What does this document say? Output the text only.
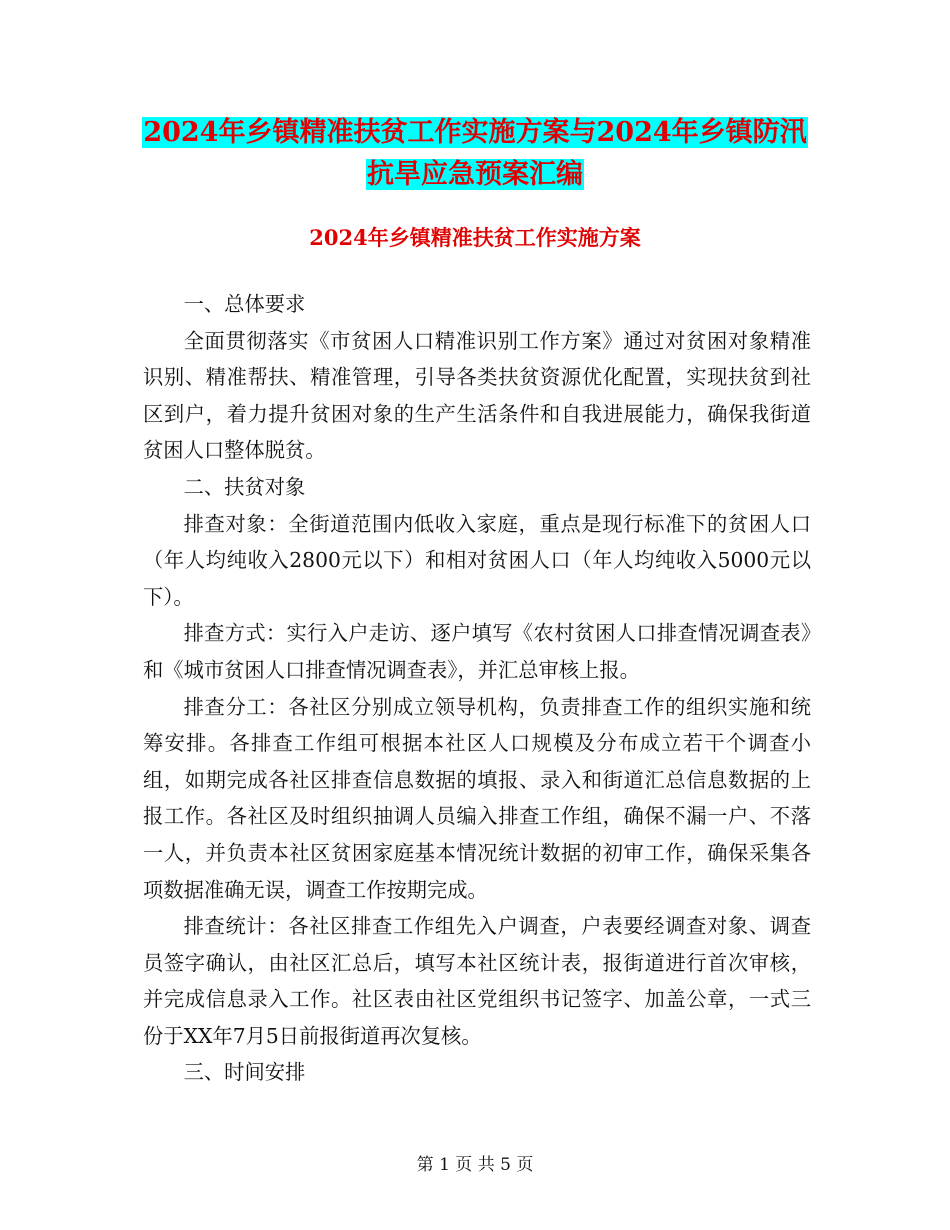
2024年乡镇精准扶贫工作实施方案与2024年乡镇防汛
抗旱应急预案汇编
2024年乡镇精准扶贫工作实施方案

一、总体要求

全面贯彻落实《市贫困人口精准识别工作方案》通过对贫困对象精准识别、精准帮扶、精准管理，引导各类扶贫资源优化配置，实现扶贫到社区到户，着力提升贫困对象的生产生活条件和自我进展能力，确保我街道贫困人口整体脱贫。

二、扶贫对象

排查对象：全街道范围内低收入家庭，重点是现行标准下的贫困人口（年人均纯收入2800元以下）和相对贫困人口（年人均纯收入5000元以下）。

排查方式：实行入户走访、逐户填写《农村贫困人口排查情况调查表》和《城市贫困人口排查情况调查表》，并汇总审核上报。

排查分工：各社区分别成立领导机构，负责排查工作的组织实施和统筹安排。各排查工作组可根据本社区人口规模及分布成立若干个调查小组，如期完成各社区排查信息数据的填报、录入和街道汇总信息数据的上报工作。各社区及时组织抽调人员编入排查工作组，确保不漏一户、不落一人，并负责本社区贫困家庭基本情况统计数据的初审工作，确保采集各项数据准确无误，调查工作按期完成。

排查统计：各社区排查工作组先入户调查，户表要经调查对象、调查员签字确认，由社区汇总后，填写本社区统计表，报街道进行首次审核，并完成信息录入工作。社区表由社区党组织书记签字、加盖公章，一式三份于XX年7月5日前报街道再次复核。

三、时间安排

第 1 页 共 5 页
